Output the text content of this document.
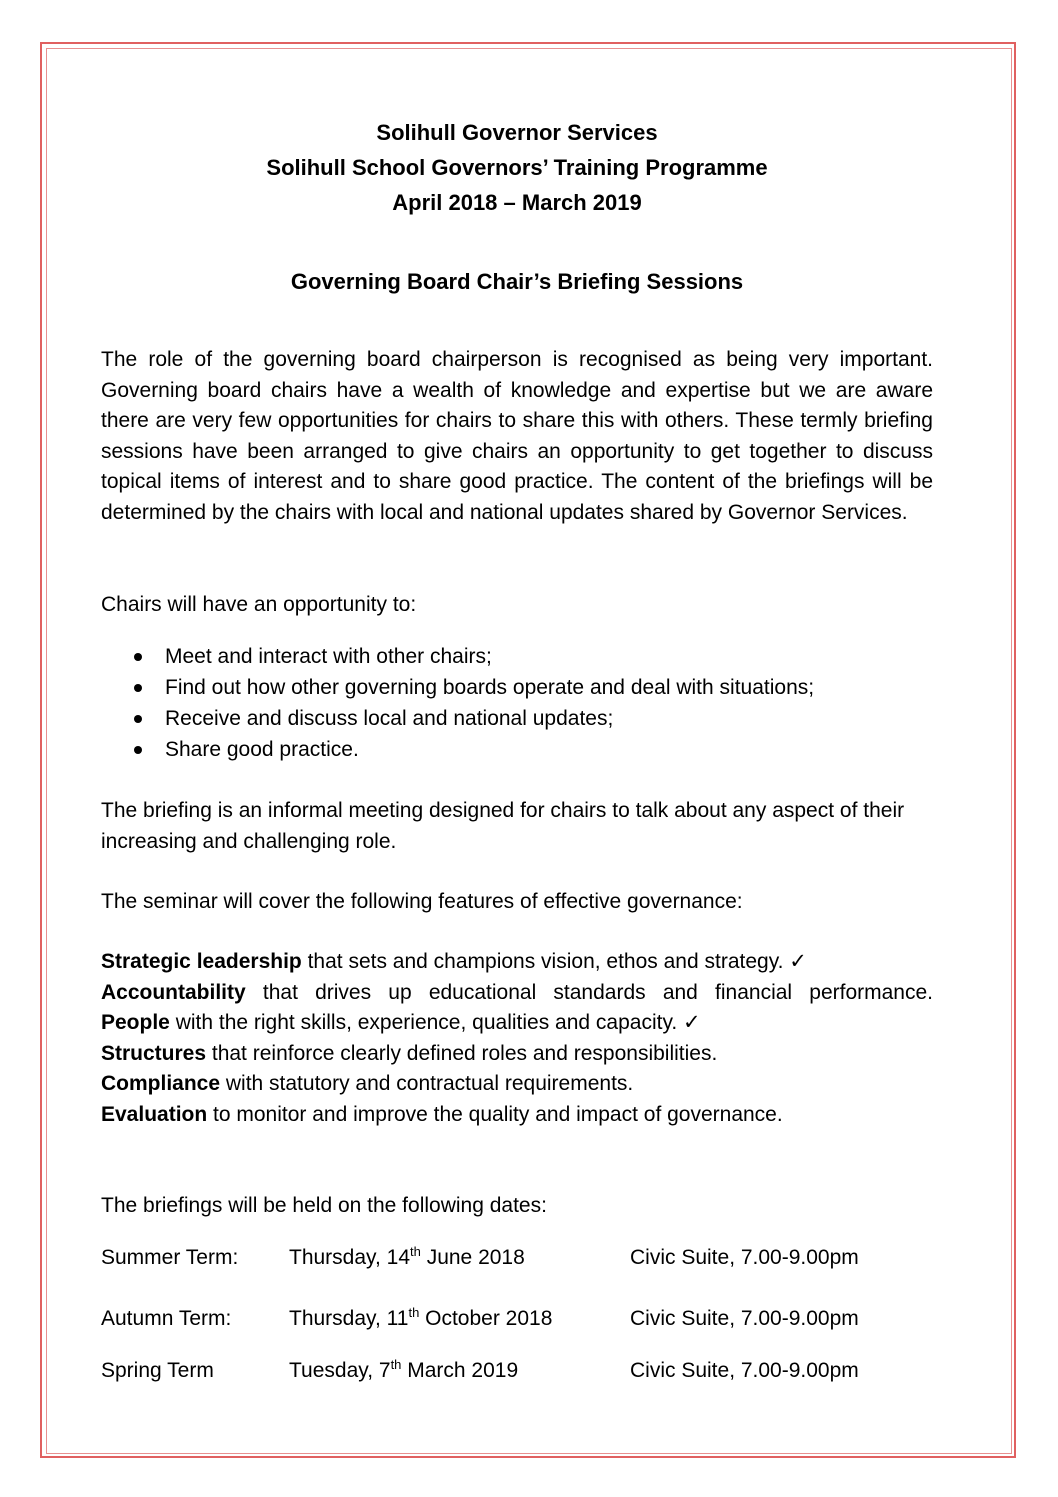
Solihull Governor Services
Solihull School Governors’ Training Programme
April 2018 – March 2019
Governing Board Chair’s Briefing Sessions

The role of the governing board chairperson is recognised as being very important. Governing board chairs have a wealth of knowledge and expertise but we are aware there are very few opportunities for chairs to share this with others. These termly briefing sessions have been arranged to give chairs an opportunity to get together to discuss topical items of interest and to share good practice. The content of the briefings will be determined by the chairs with local and national updates shared by Governor Services.

Chairs will have an opportunity to:

Meet and interact with other chairs;
Find out how other governing boards operate and deal with situations;
Receive and discuss local and national updates;
Share good practice.

The briefing is an informal meeting designed for chairs to talk about any aspect of their increasing and challenging role.

The seminar will cover the following features of effective governance:

Strategic leadership that sets and champions vision, ethos and strategy. ✓
Accountability that drives up educational standards and financial performance.
People with the right skills, experience, qualities and capacity. ✓
Structures that reinforce clearly defined roles and responsibilities.
Compliance with statutory and contractual requirements.
Evaluation to monitor and improve the quality and impact of governance.

The briefings will be held on the following dates:

Summer Term: Thursday, 14th June 2018	Civic Suite, 7.00-9.00pm
Autumn Term:	Thursday, 11th October 2018	Civic Suite, 7.00-9.00pm
Spring Term	Tuesday, 7th March 2019	Civic Suite, 7.00-9.00pm
